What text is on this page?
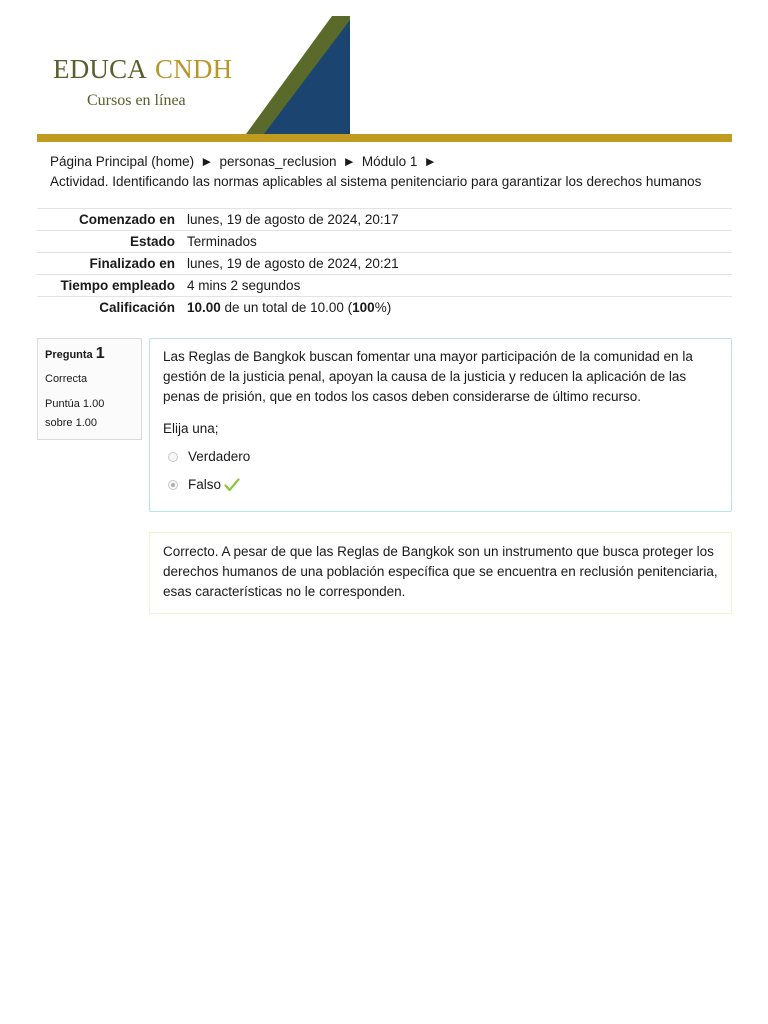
EDUCA CNDH
Cursos en línea
Página Principal (home) ► personas_reclusion ► Módulo 1 ►
Actividad. Identificando las normas aplicables al sistema penitenciario para garantizar los derechos humanos
Comenzado en	lunes, 19 de agosto de 2024, 20:17
Estado	Terminados
Finalizado en	lunes, 19 de agosto de 2024, 20:21
Tiempo empleado	4 mins 2 segundos
Calificación	10.00 de un total de 10.00 (100%)
Pregunta 1
Correcta
Puntúa 1.00 sobre 1.00
Las Reglas de Bangkok buscan fomentar una mayor participación de la comunidad en la gestión de la justicia penal, apoyan la causa de la justicia y reducen la aplicación de las penas de prisión, que en todos los casos deben considerarse de último recurso.
Elija una;
Verdadero
Falso
Correcto. A pesar de que las Reglas de Bangkok son un instrumento que busca proteger los derechos humanos de una población específica que se encuentra en reclusión penitenciaria, esas características no le corresponden.
